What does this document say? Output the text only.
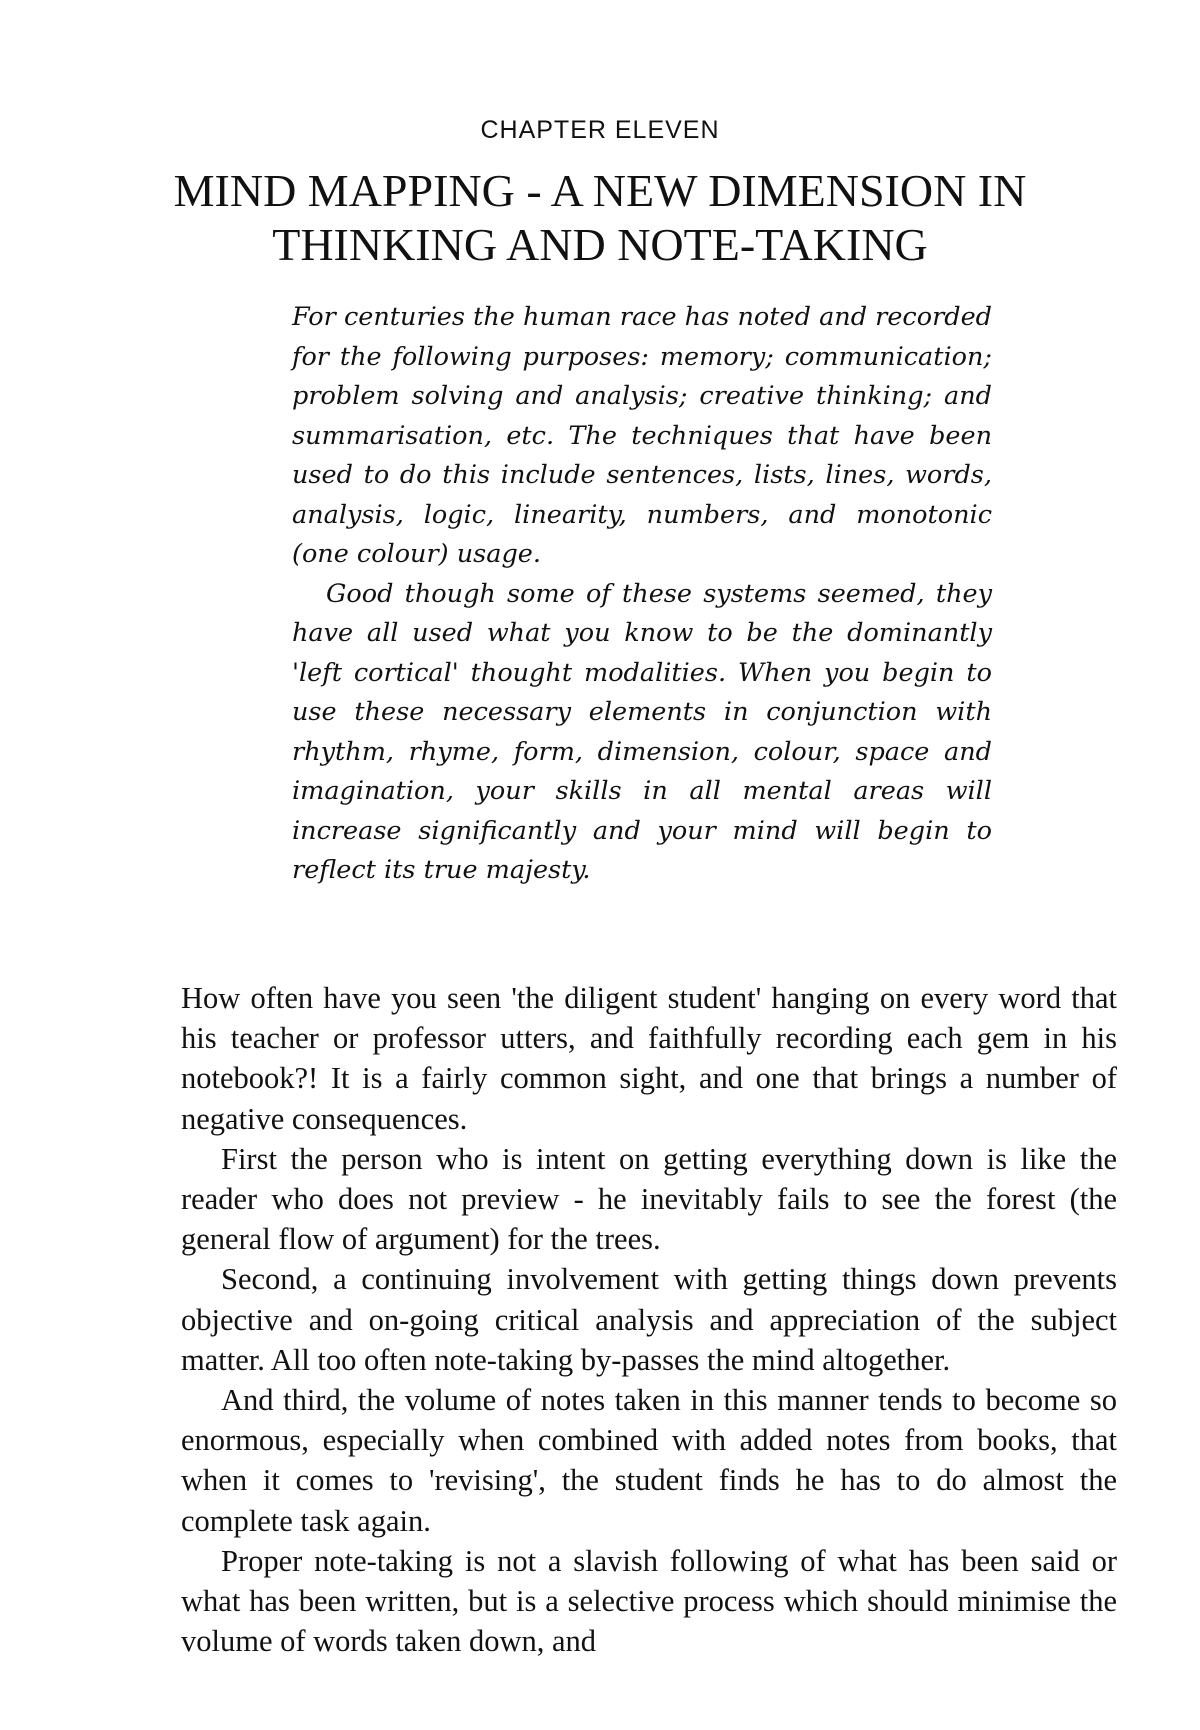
CHAPTER ELEVEN
MIND MAPPING - A NEW DIMENSION IN THINKING AND NOTE-TAKING

For centuries the human race has noted and recorded for the following purposes: memory; communication; problem solving and analysis; creative thinking; and summarisation, etc. The techniques that have been used to do this include sentences, lists, lines, words, analysis, logic, linearity, numbers, and monotonic (one colour) usage.

Good though some of these systems seemed, they have all used what you know to be the dominantly 'left cortical' thought modalities. When you begin to use these necessary elements in conjunction with rhythm, rhyme, form, dimension, colour, space and imagination, your skills in all mental areas will increase significantly and your mind will begin to reflect its true majesty.

How often have you seen 'the diligent student' hanging on every word that his teacher or professor utters, and faithfully recording each gem in his notebook?! It is a fairly common sight, and one that brings a number of negative consequences.

First the person who is intent on getting everything down is like the reader who does not preview - he inevitably fails to see the forest (the general flow of argument) for the trees.

Second, a continuing involvement with getting things down prevents objective and on-going critical analysis and appreciation of the subject matter. All too often note-taking by-passes the mind altogether.

And third, the volume of notes taken in this manner tends to become so enormous, especially when combined with added notes from books, that when it comes to 'revising', the student finds he has to do almost the complete task again.

Proper note-taking is not a slavish following of what has been said or what has been written, but is a selective process which should minimise the volume of words taken down, and
